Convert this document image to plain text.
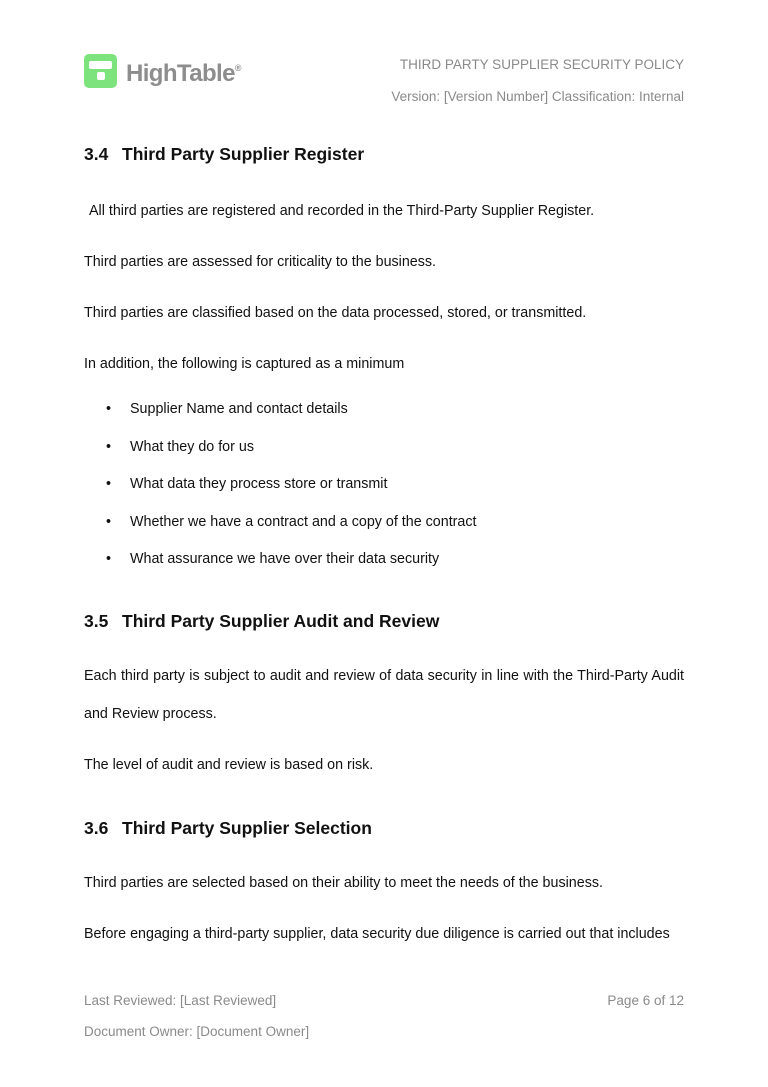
HighTable®	THIRD PARTY SUPPLIER SECURITY POLICY
Version: [Version Number] Classification: Internal
3.4 Third Party Supplier Register

All third parties are registered and recorded in the Third-Party Supplier Register.

Third parties are assessed for criticality to the business.

Third parties are classified based on the data processed, stored, or transmitted.

In addition, the following is captured as a minimum

• Supplier Name and contact details
• What they do for us
• What data they process store or transmit
• Whether we have a contract and a copy of the contract
• What assurance we have over their data security
3.5 Third Party Supplier Audit and Review

Each third party is subject to audit and review of data security in line with the Third-Party Audit and Review process.

The level of audit and review is based on risk.

3.6 Third Party Supplier Selection

Third parties are selected based on their ability to meet the needs of the business.

Before engaging a third-party supplier, data security due diligence is carried out that includes

Last Reviewed: [Last Reviewed]	Page 6 of 12
Document Owner: [Document Owner]
